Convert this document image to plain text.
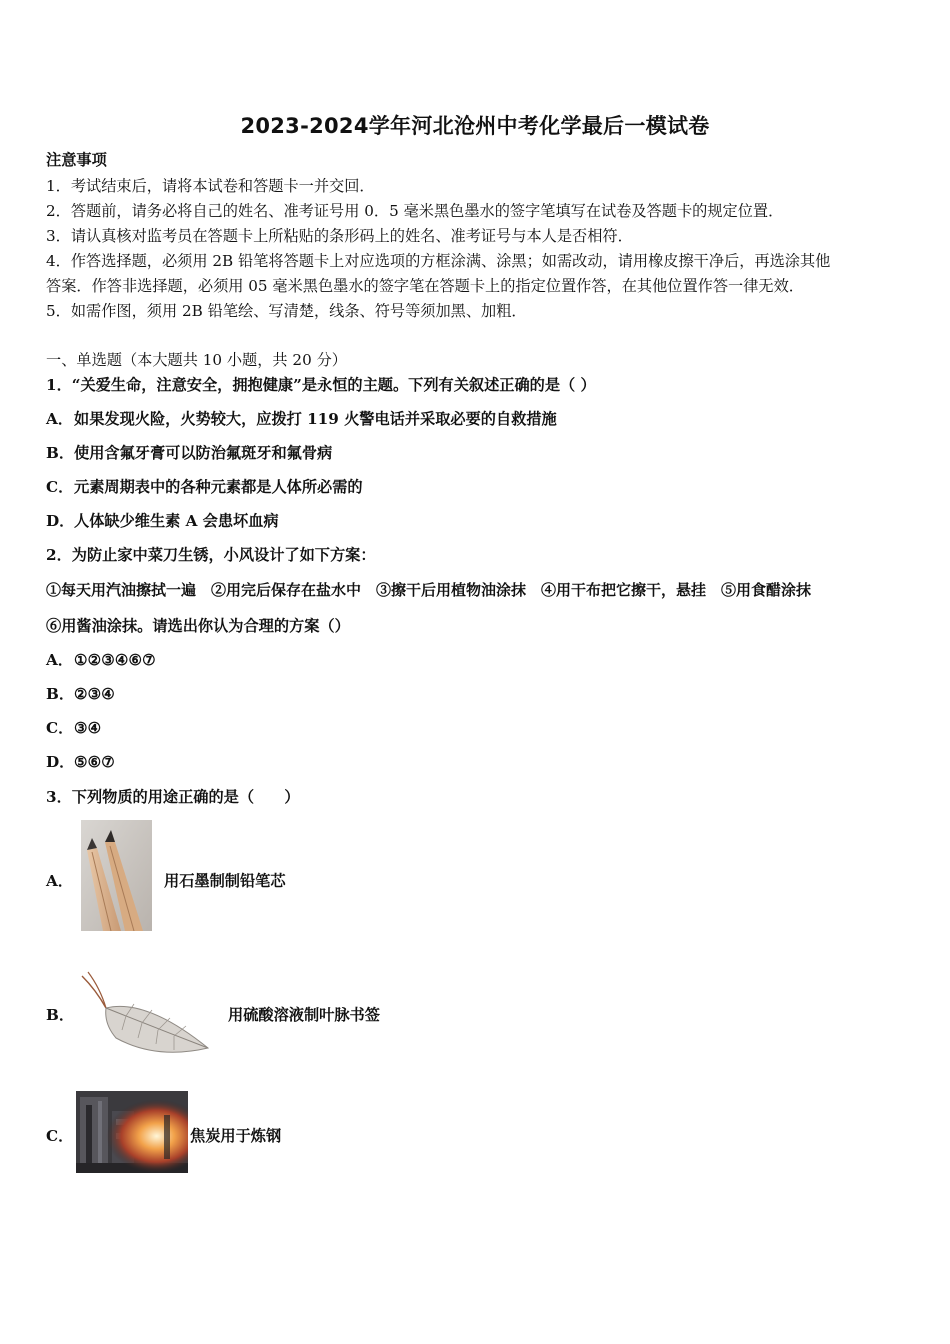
2023-2024学年河北沧州中考化学最后一模试卷
注意事项
1．考试结束后，请将本试卷和答题卡一并交回．
2．答题前，请务必将自己的姓名、准考证号用 0．5 毫米黑色墨水的签字笔填写在试卷及答题卡的规定位置．
3．请认真核对监考员在答题卡上所粘贴的条形码上的姓名、准考证号与本人是否相符．
4．作答选择题，必须用 2B 铅笔将答题卡上对应选项的方框涂满、涂黑；如需改动，请用橡皮擦干净后，再选涂其他
答案．作答非选择题，必须用 05 毫米黑色墨水的签字笔在答题卡上的指定位置作答，在其他位置作答一律无效．
5．如需作图，须用 2B 铅笔绘、写清楚，线条、符号等须加黑、加粗．
一、单选题（本大题共 10 小题，共 20 分）
1．“关爱生命，注意安全，拥抱健康”是永恒的主题。下列有关叙述正确的是（ ）
A．如果发现火险，火势较大，应拨打 119 火警电话并采取必要的自救措施
B．使用含氟牙膏可以防治氟斑牙和氟骨病
C．元素周期表中的各种元素都是人体所必需的
D．人体缺少维生素 A 会患坏血病
2．为防止家中菜刀生锈，小风设计了如下方案：
①每天用汽油擦拭一遍　②用完后保存在盐水中　③擦干后用植物油涂抹　④用干布把它擦干，悬挂　⑤用食醋涂抹
⑥用酱油涂抹。请选出你认为合理的方案（）
A．①②③④⑥⑦
B．②③④
C．③④
D．⑤⑥⑦
3．下列物质的用途正确的是（　　）
A．	用石墨制制铅笔芯
B．	用硫酸溶液制叶脉书签
C．	焦炭用于炼钢
